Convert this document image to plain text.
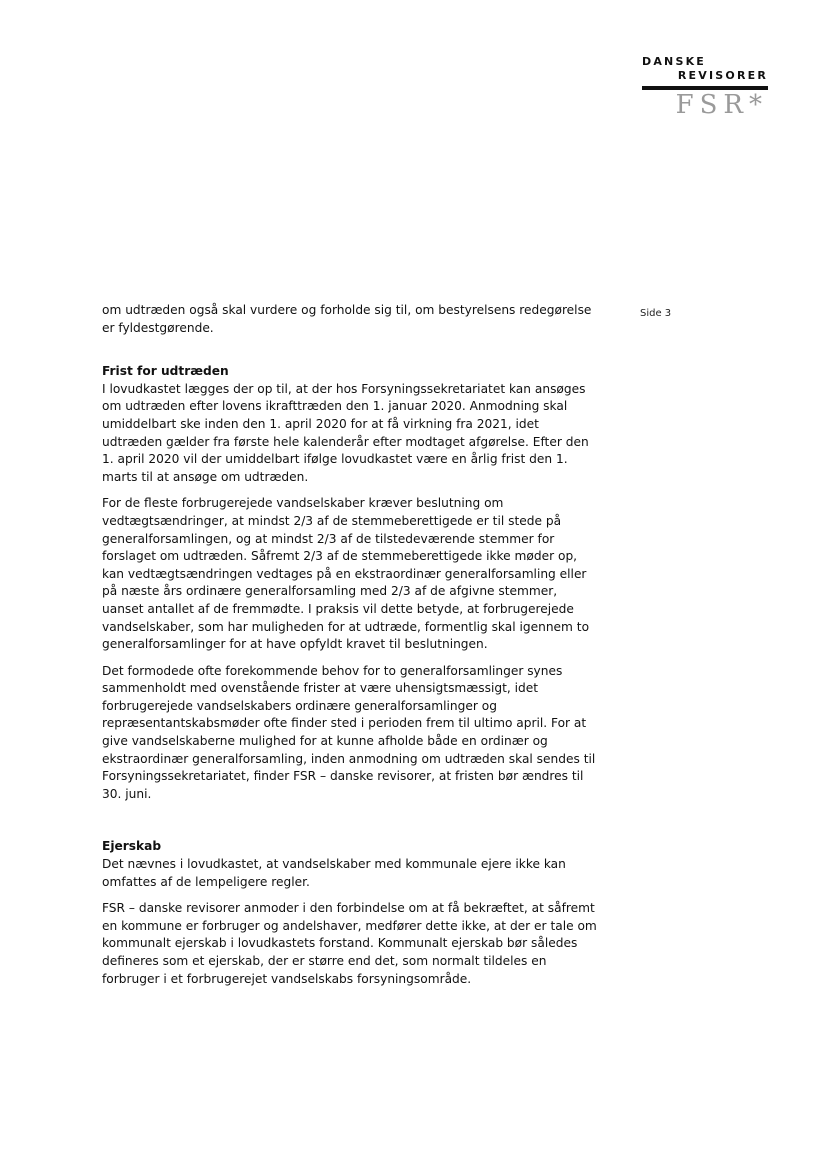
DANSKE
REVISORER
FSR*
Side 3

om udtræden også skal vurdere og forholde sig til, om bestyrelsens redegørelse er fyldestgørende.

Frist for udtræden

I lovudkastet lægges der op til, at der hos Forsyningssekretariatet kan ansøges om udtræden efter lovens ikrafttræden den 1. januar 2020. Anmodning skal umiddelbart ske inden den 1. april 2020 for at få virkning fra 2021, idet udtræden gælder fra første hele kalenderår efter modtaget afgørelse. Efter den 1. april 2020 vil der umiddelbart ifølge lovudkastet være en årlig frist den 1. marts til at ansøge om udtræden.

For de fleste forbrugerejede vandselskaber kræver beslutning om vedtægtsændringer, at mindst 2/3 af de stemmeberettigede er til stede på generalforsamlingen, og at mindst 2/3 af de tilstedeværende stemmer for forslaget om udtræden. Såfremt 2/3 af de stemmeberettigede ikke møder op, kan vedtægtsændringen vedtages på en ekstraordinær generalforsamling eller på næste års ordinære generalforsamling med 2/3 af de afgivne stemmer, uanset antallet af de fremmødte. I praksis vil dette betyde, at forbrugerejede vandselskaber, som har muligheden for at udtræde, formentlig skal igennem to generalforsamlinger for at have opfyldt kravet til beslutningen.

Det formodede ofte forekommende behov for to generalforsamlinger synes sammenholdt med ovenstående frister at være uhensigtsmæssigt, idet forbrugerejede vandselskabers ordinære generalforsamlinger og repræsentantskabsmøder ofte finder sted i perioden frem til ultimo april. For at give vandselskaberne mulighed for at kunne afholde både en ordinær og ekstraordinær generalforsamling, inden anmodning om udtræden skal sendes til Forsyningssekretariatet, finder FSR – danske revisorer, at fristen bør ændres til 30. juni.

Ejerskab

Det nævnes i lovudkastet, at vandselskaber med kommunale ejere ikke kan omfattes af de lempeligere regler.

FSR – danske revisorer anmoder i den forbindelse om at få bekræftet, at såfremt en kommune er forbruger og andelshaver, medfører dette ikke, at der er tale om kommunalt ejerskab i lovudkastets forstand. Kommunalt ejerskab bør således defineres som et ejerskab, der er større end det, som normalt tildeles en forbruger i et forbrugerejet vandselskabs forsyningsområde.
